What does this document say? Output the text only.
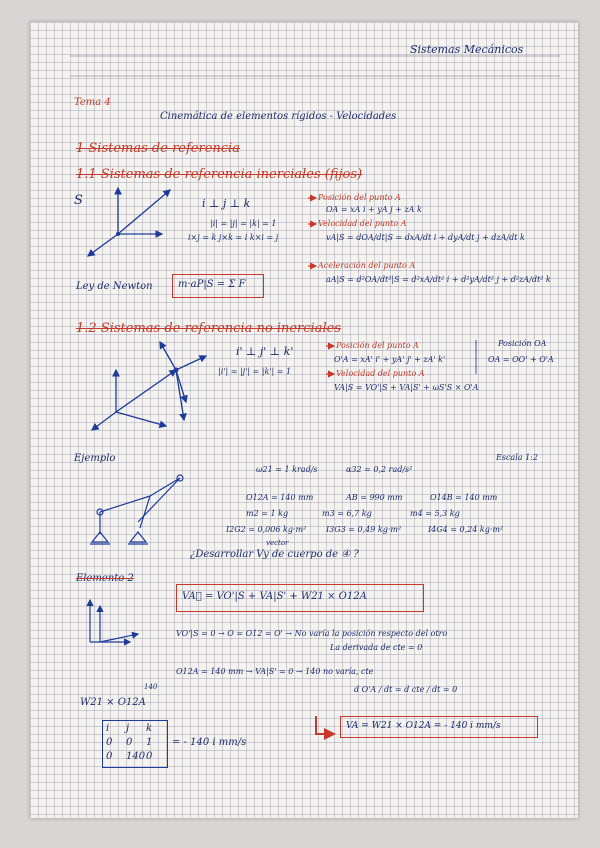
Sistemas Mecánicos
Tema 4
Cinemática de elementos rígidos - Velocidades
1 Sistemas de referencia
1.1 Sistemas de referencia inerciales (fijos)
S	i ⊥ j ⊥ k
|i| = |j| = |k| = 1
i×j = k j×k = i k×i = j
Posición del punto A
OA = xA i + yA j + zA k
Velocidad del punto A
vA|S = dOA/dt|S = dxA/dt i + dyA/dt j + dzA/dt k
Aceleración del punto A
aA|S = d²OA/dt²|S = d²xA/dt² i + d²yA/dt² j + d²zA/dt² k
Ley de Newton	m·aP|S = Σ F
1.2 Sistemas de referencia no inerciales
i' ⊥ j' ⊥ k'
|i'| = |j'| = |k'| = 1
Posición del punto A
O'A = xA' i' + yA' j' + zA' k'
Velocidad del punto A
VA|S = VO'|S + VA|S' + ωS'S × O'A
Posición OA
OA = OO' + O'A
Ejemplo	Escala 1:2
ω21 = 1 krad/s	α32 = 0,2 rad/s²
O12A = 140 mm	AB = 990 mm	O14B = 140 mm
m2 = 1 kg	m3 = 6,7 kg	m4 = 5,3 kg
I2G2 = 0,006 kg·m² I3G3 = 0,49 kg·m²	I4G4 = 0,24 kg·m²
vector
¿Desarrollar Vy de cuerpo de ④ ?
Elemento 2
VA⃗ = VO'|S + VA|S' + W21 × O12A
VO'|S = 0 → O = O12 = O' → No varía la posición respecto del otro
La derivada de cte = 0
O12A = 140 mm → VA|S' = 0 → 140 no varía, cte
d O'A / dt = d cte / dt = 0
140
W21 × O12A
i j k
0 0 1
0 140 0
= - 140 i mm/s
VA = W21 × O12A = - 140 i mm/s
